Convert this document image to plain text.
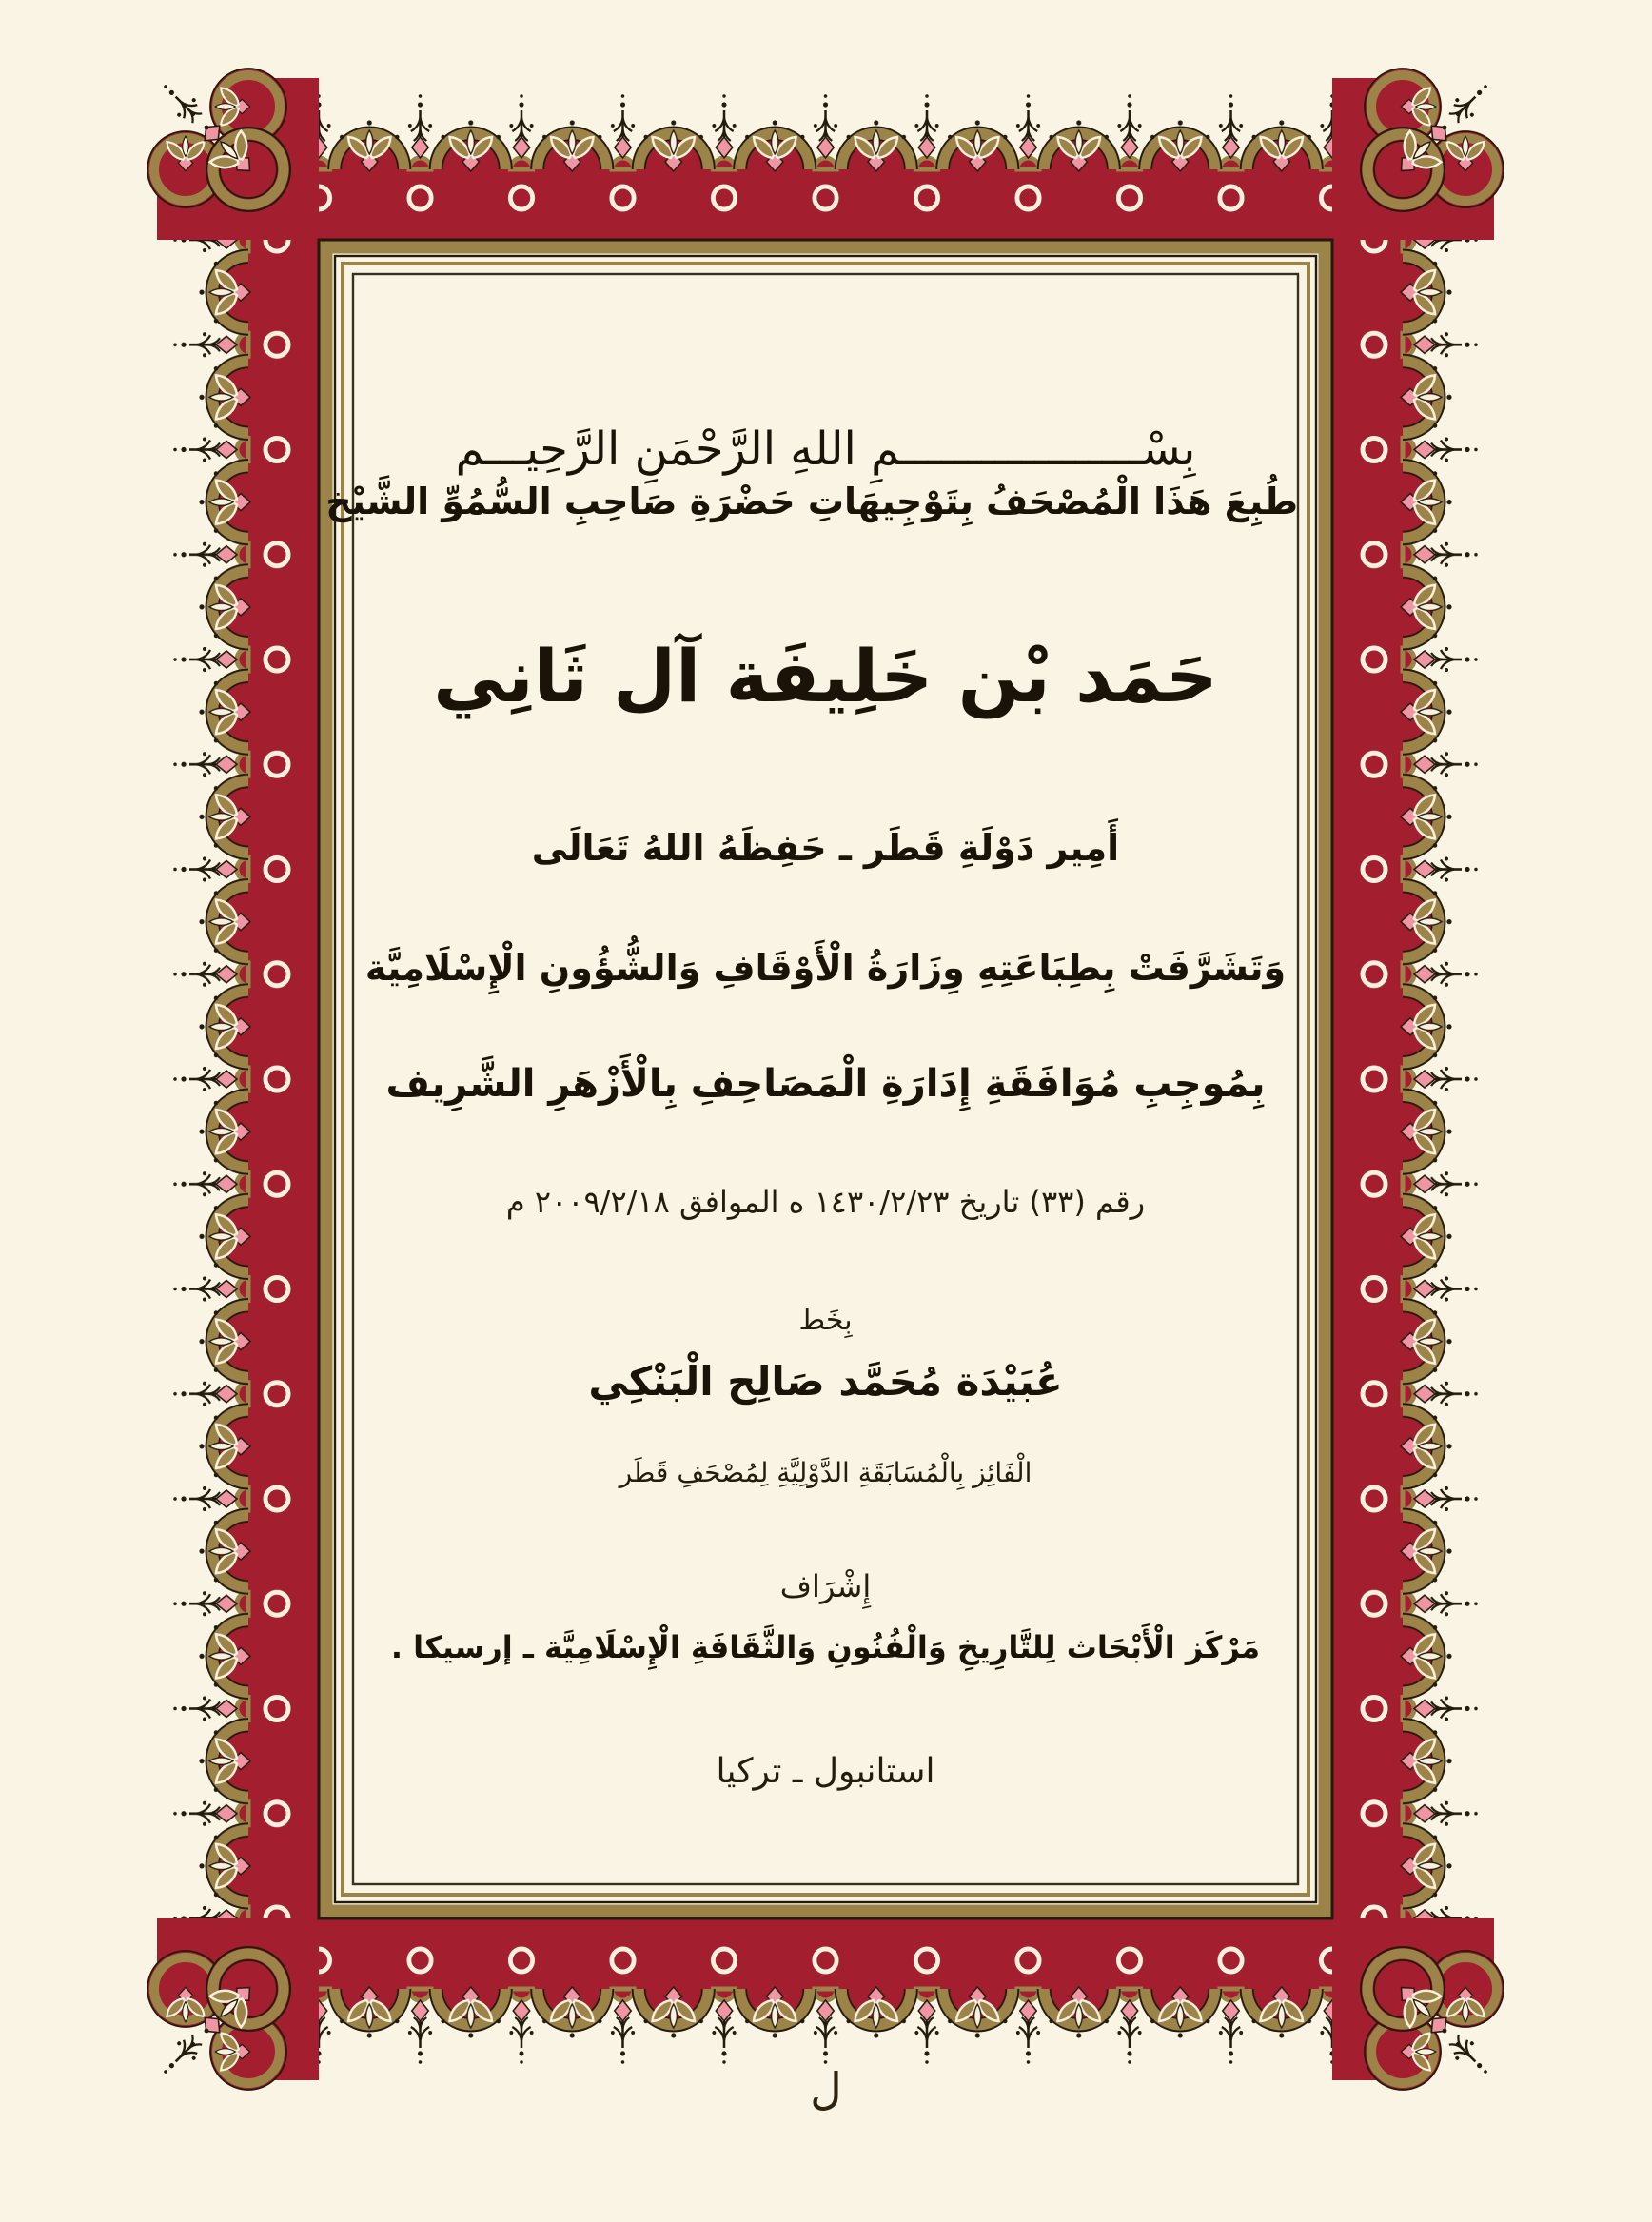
بِسْــــــــــــــــــمِ اللهِ الرَّحْمَنِ الرَّحِيـــم
طُبِعَ هَذَا الْمُصْحَفُ بِتَوْجِيهَاتِ حَضْرَةِ صَاحِبِ السُّمُوِّ الشَّيْخ
حَمَد بْن خَلِيفَة آل ثَانِي
أَمِير دَوْلَةِ قَطَر ـ حَفِظَهُ اللهُ تَعَالَى
وَتَشَرَّفَتْ بِطِبَاعَتِهِ وِزَارَةُ الْأَوْقَافِ وَالشُّؤُونِ الْإِسْلَامِيَّة
بِمُوجِبِ مُوَافَقَةِ إِدَارَةِ الْمَصَاحِفِ بِالْأَزْهَرِ الشَّرِيف
رقم (٣٣) تاريخ ١٤٣٠/٢/٢٣ ه الموافق ٢٠٠٩/٢/١٨ م
بِخَط
عُبَيْدَة مُحَمَّد صَالِح الْبَنْكِي
الْفَائِز بِالْمُسَابَقَةِ الدَّوْلِيَّةِ لِمُصْحَفِ قَطَر
إِشْرَاف
مَرْكَز الْأَبْحَاث لِلتَّارِيخِ وَالْفُنُونِ وَالثَّقَافَةِ الْإِسْلَامِيَّة ـ إرسيكا .
استانبول ـ تركيا
ل
